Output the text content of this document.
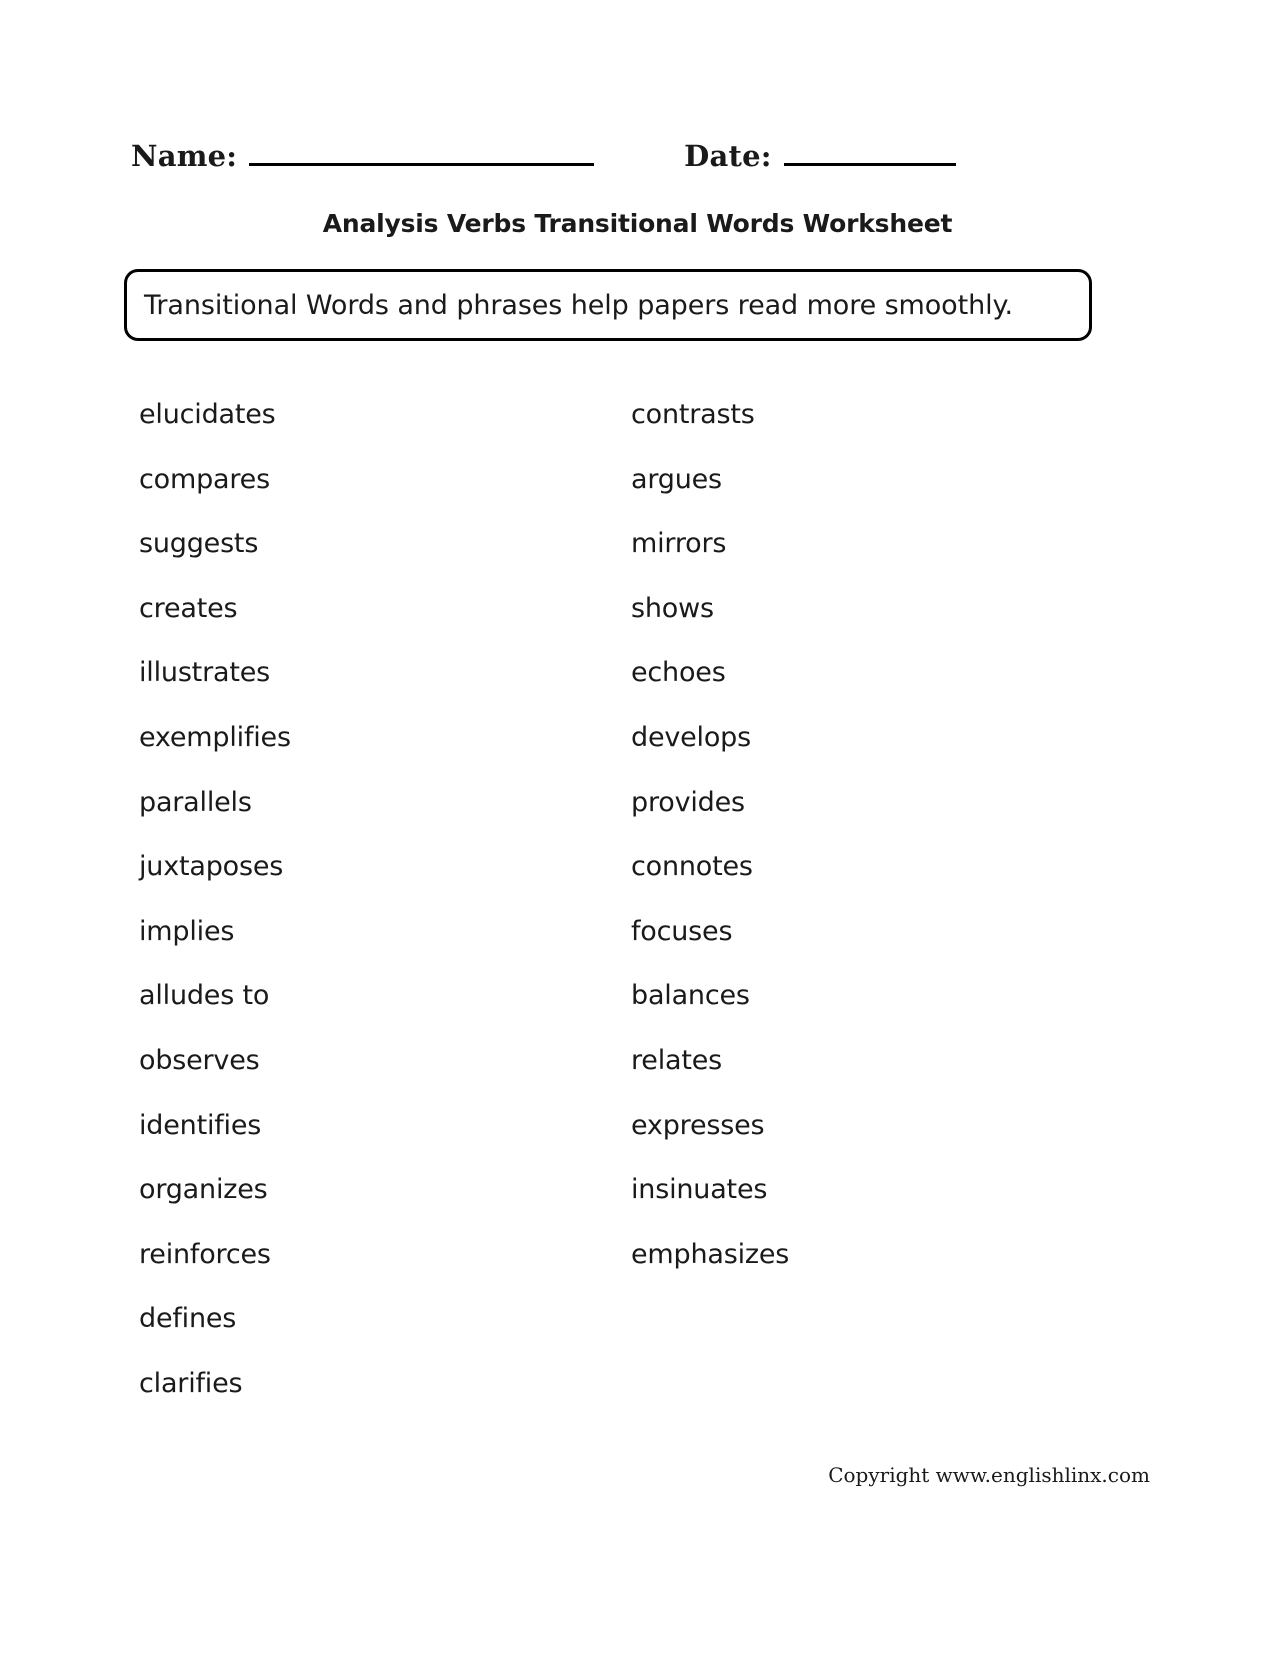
Name:	Date:
Analysis Verbs Transitional Words Worksheet
Transitional Words and phrases help papers read more smoothly.
elucidates
compares
suggests
creates
illustrates
exemplifies
parallels
juxtaposes
implies
alludes to
observes
identifies
organizes
reinforces
defines
clarifies
contrasts
argues
mirrors
shows
echoes
develops
provides
connotes
focuses
balances
relates
expresses
insinuates
emphasizes
Copyright www.englishlinx.com
